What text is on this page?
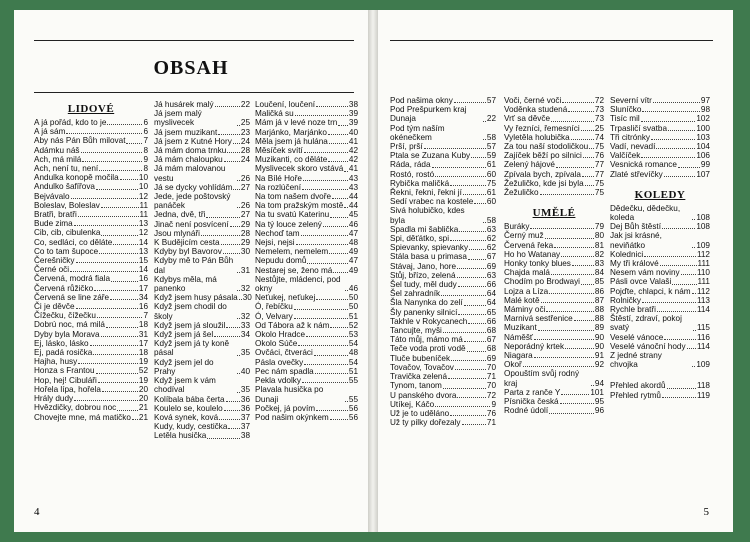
OBSAH
LIDOVÉ
A já pořád, kdo to je	6
A já sám	6
Aby nás Pán Bůh milovat 7
Adámku náš	8
Ach, má milá	9
Ach, není tu, není	8
Andulka konopě močila 10
Andulko šafířova	10
Bejvávalo	12
Boleslav, Boleslav	11
Bratři, bratři	11
Bude zima	13
Cib, cib, cibulenka	12
Co, sedláci, co děláte	14
Co to tam šupoce	13
Čerešničky	15
Černé oči	14
Červená, modrá fiala	16
Červená růžičko	17
Červená se line záře	34
Či je děvče	16
Čížečku, čížečku	7
Dobrú noc, má milá	18
Dyby byla Morava	31
Ej, lásko, lásko	17
Ej, padá rosička	18
Hajha, husy	19
Honza s Frantou	52
Hop, hej! Cibuláři	19
Hořela lípa, hořela	20
Hrály dudy	20
Hvězdičky, dobrou noc	21
Chovejte mne, má matičko 21
Já husárek malý	22
Já jsem malý myslivecek	25
Já jsem muzikant	23
Já jsem z Kutné Hory 24
Já mám doma trnku 28
Já mám chaloupku 24
Já mám malovanou vestu	26
Já se dycky vohlídám 27
Jede, jede poštovský panáček	26
Jedna, dvě, tři	27
Jinač není posvícení 29
Jsou mlynáři	28
K Budějicím cesta	29
Kdyby byl Bavorov 30
Kdyby mě to Pán Bůh dal	31
Kdybys měla, má panenko	32
Když jsem husy pásala 30
Když jsem chodil do školy	32
Když jsem já sloužil 33
Když jsem já šel	34
Když jsem já ty koně pásal	35
Když jsem jel do Prahy	40
Když jsem k vám chodíval	35
Kolíbala bába čerta 36
Koulelo se, koulelo 36
Ková synek, ková	37
Kudy, kudy, cestička 37
Letěla husička	38
Loučení, loučení	38
Maličká su	39
Mám já v levé noze trn 39
Marjánko, Marjánko	40
Měla jsem já hulána	41
Měsíček svítí	42
Muzikanti, co děláte	42
Myslivecek skoro vstává 41
Na Bílé Hoře	43
Na rozlúčení	43
Na tom našem dvoře 44
Na tom pražským mostě 44
Na tu svatú Katerinu 45
Na tý louce zelený	46
Nechoď tam	47
Nejsi, nejsi	48
Nemelem, nemelem	49
Nepudu domů	47
Nestarej se, ženo má 49
Nestůjte, mládenci, pod okny	46
Neťukej, neťukej	50
Ó, řebíčku	50
Ó, Velvary	51
Od Tábora až k nám 52
Okolo Hradce	53
Okolo Súče	54
Ovčáci, čtveráci	48
Pásla ovečky	54
Pec nám spadla	51
Pekla vdolky	55
Plavala husička po Dunaji	55
Počkej, já povím	56
Pod našim okýnkem 56
4
Pod našima okny	57
Pod Prešpurkem kraj Dunaja	22
Pod tým naším okénečkem	58
Prší, prší	57
Ptala se Zuzana Kuby 59
Ráda, ráda	61
Rostó, rostó	60
Rybička maličká	75
Řekni, řekni, řekni jí	61
Sedí vrabec na kostele 60
Sivá holubičko, kdes byla	58
Spadla mi šablička	63
Spi, děťátko, spi	62
Spievanky, spievanky 62
Stála basa u primasa 67
Stávaj, Jano, hore	69
Stůj, břízo, zelená	63
Šel tudy, měl dudy	66
Šel zahradník	64
Šla Nanynka do zelí	64
Šly panenky silnicí	65
Takhle v Rokycanech 66
Tancujte, myši	68
Táto můj, mámo má	67
Teče voda proti vodě	68
Tluče bubeníček	69
Tovačov, Tovačov	70
Travička zelená	71
Tynom, tanom	70
U panského dvora	72
Utíkej, Káčo	9
Už je to uděláno	76
Už ty pilky dořezaly	71
Voči, černé voči	72
Voděnka studená	73
Vrť sa děvče	73
Vy řezníci, řemesníci 25
Vyletěla holubička	74
Za tou naší stodoličkou 75
Zajíček běží po silnici 76
Zelený hájové	77
Zpívala bych, zpívala 77
Žežuličko, kde jsi byla 75
Žežuličko	75
UMĚLÉ
Buráky	79
Černý muž	80
Červená řeka	81
Ho ho Watanay	82
Honky tonky blues	83
Chajda malá	84
Chodím po Brodwayi 85
Lojza a Líza	86
Malé kotě	87
Máminy oči	88
Marnivá sestřenice	88
Muzikant	89
Náměšť	90
Neporádný krtek	90
Niagara	91
Okoř	92
Opouštím svůj rodný kraj	94
Parta z ranče Y	101
Písnička česká	95
Rodné údolí	96
Severní vítr	97
Sluníčko	98
Tisíc mil	102
Trpasličí svatba	100
Tři citrónky	103
Vadí, nevadí	104
Valčíček	106
Vesnická romance	99
Zlaté střevíčky	107
KOLEDY
Dědečku, dědečku, koleda	108
Dej Bůh štěstí	108
Jak jsi krásné, neviňátko	109
Kolednici	112
My tři králové	111
Nesem vám noviny 110
Pásli ovce Valaši	111
Pojďte, chlapci, k nám 112
Rolničky	113
Rychle bratři	114
Štěstí, zdraví, pokoj svatý	115
Veselé vánoce	116
Veselé vánoční hody 114
Z jedné strany chvojka	109
Přehled akordů	118
Přehled rytmů	119
5
